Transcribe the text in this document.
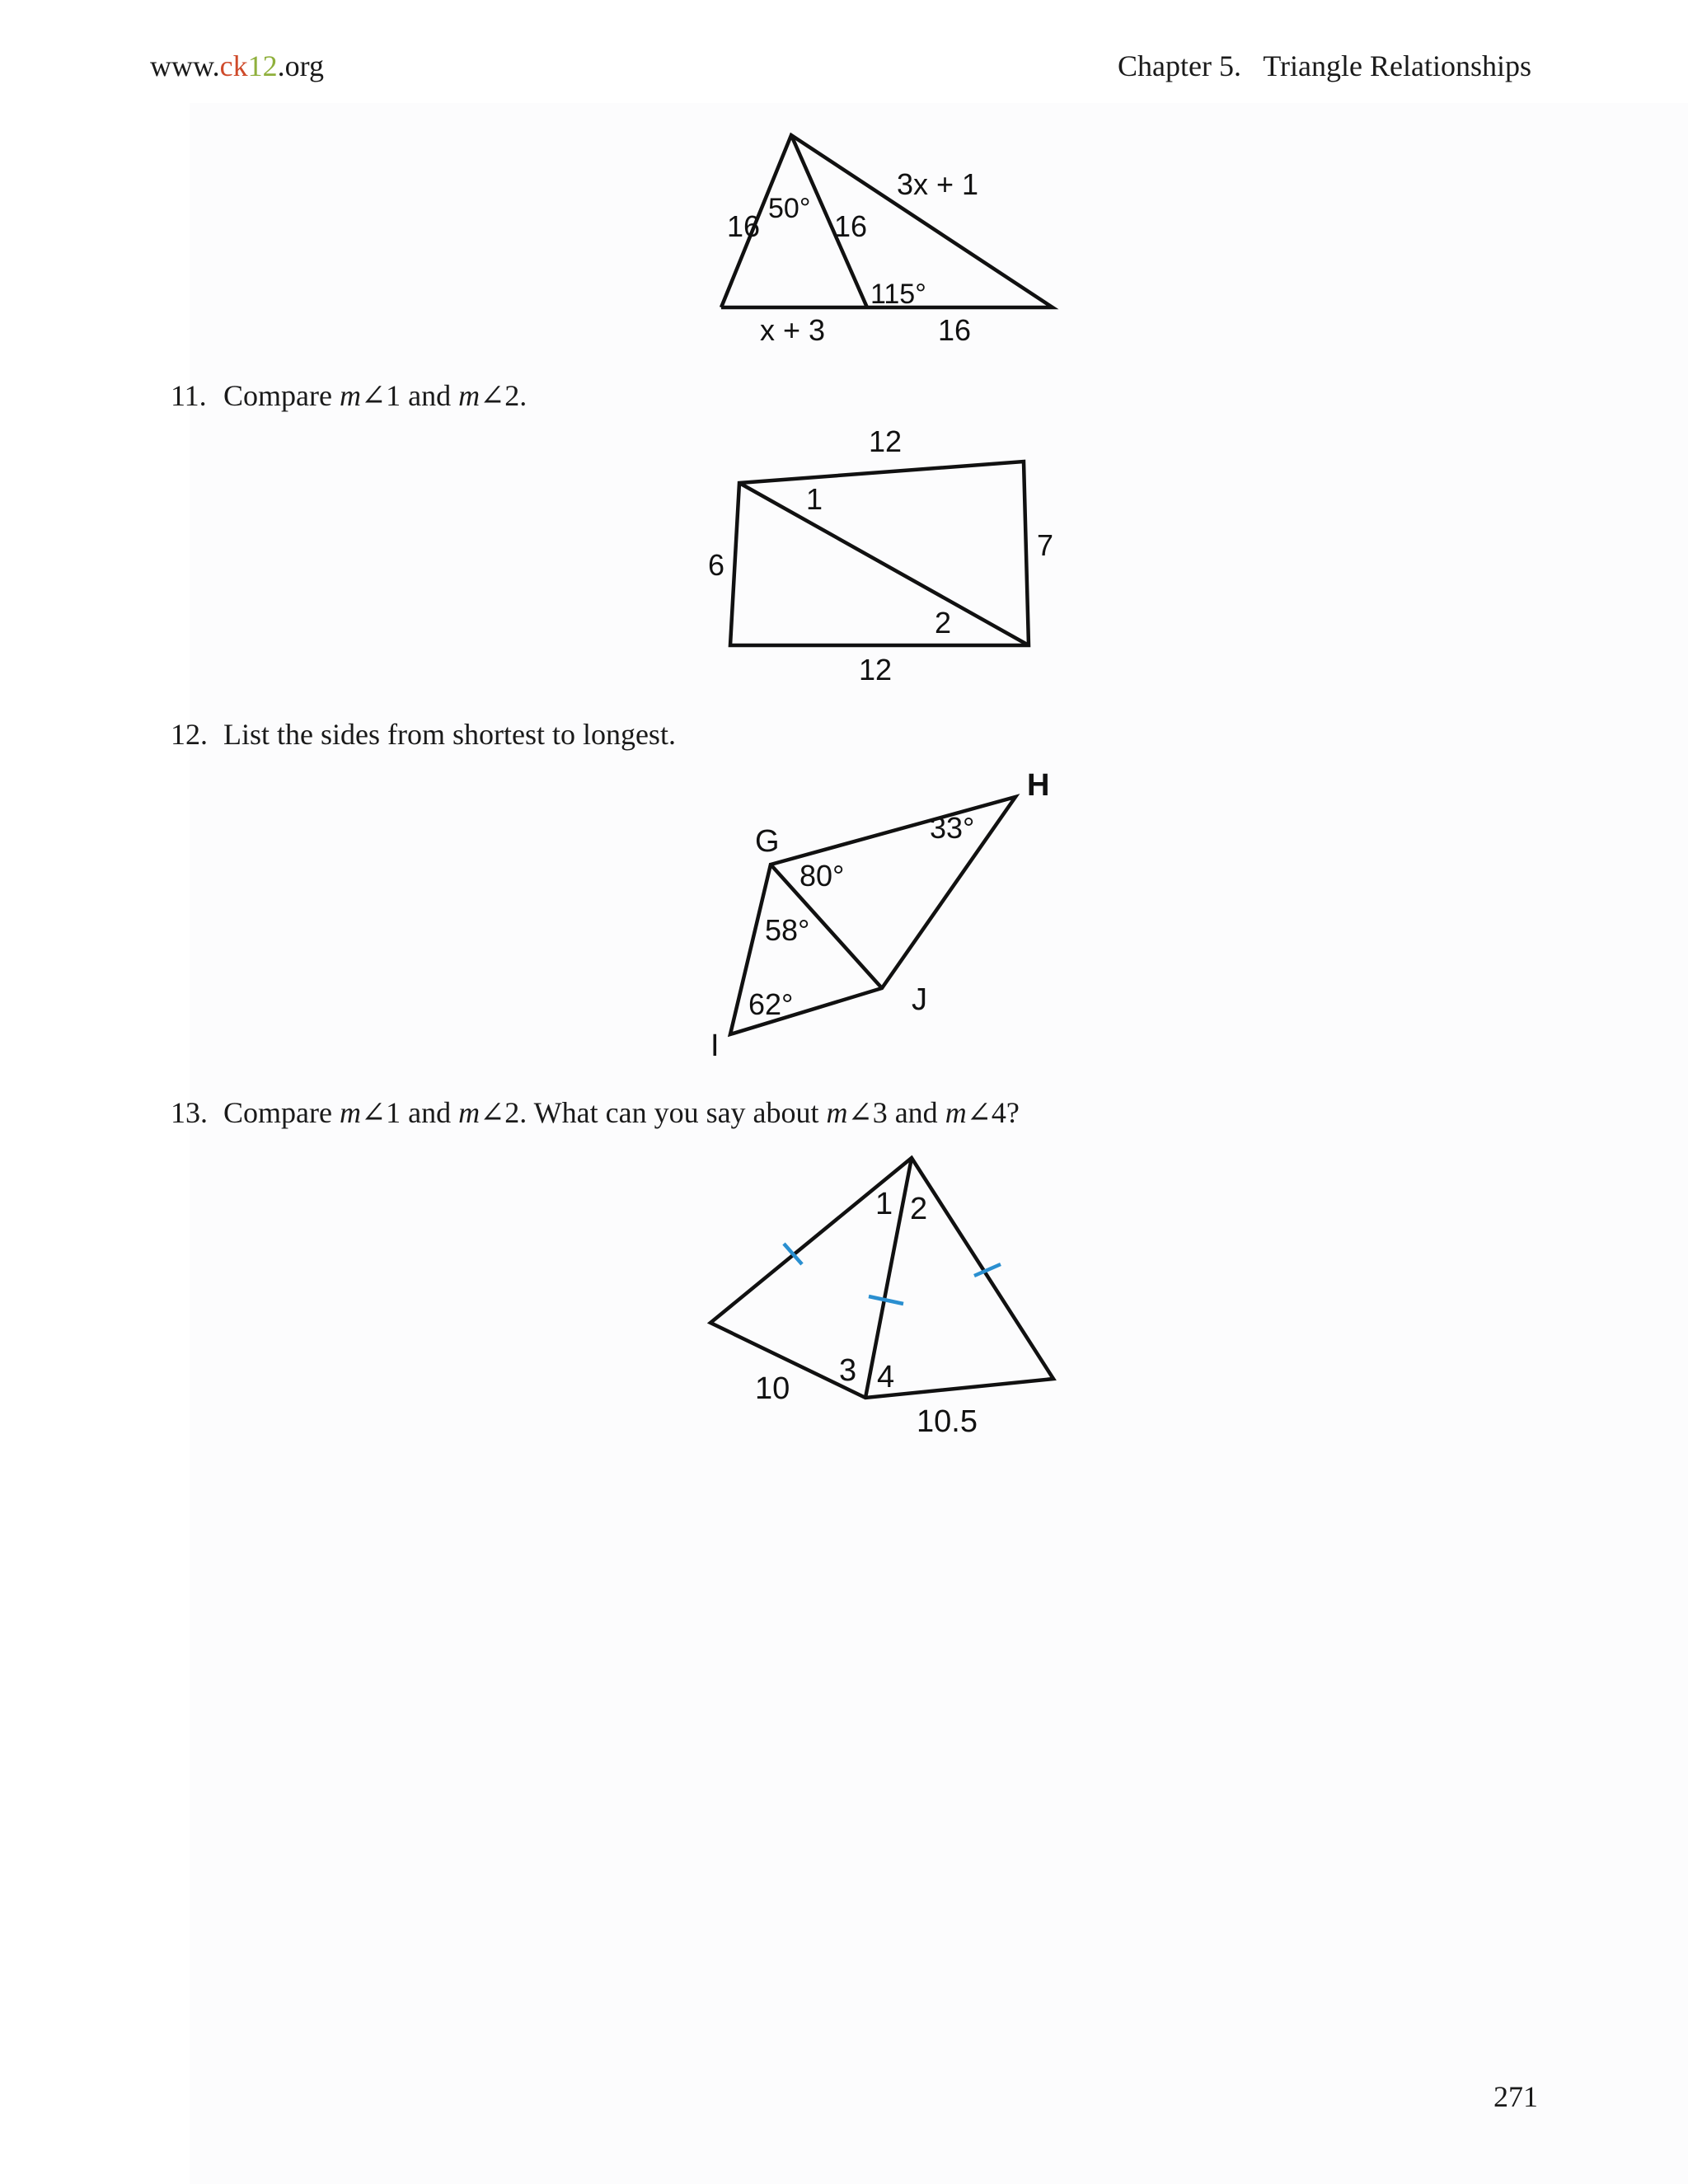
www.ck12.org	Chapter 5.   Triangle Relationships
16
50°
16
3x + 1
115°
x + 3	16
11. Compare m∠1 and m∠2.
12
1
6
7
2
12
12. List the sides from shortest to longest.
H
G	33°
80°
58°
62°	J
I
13. Compare m∠1 and m∠2. What can you say about m∠3 and m∠4?
1 2
3 4
10
10.5
271
